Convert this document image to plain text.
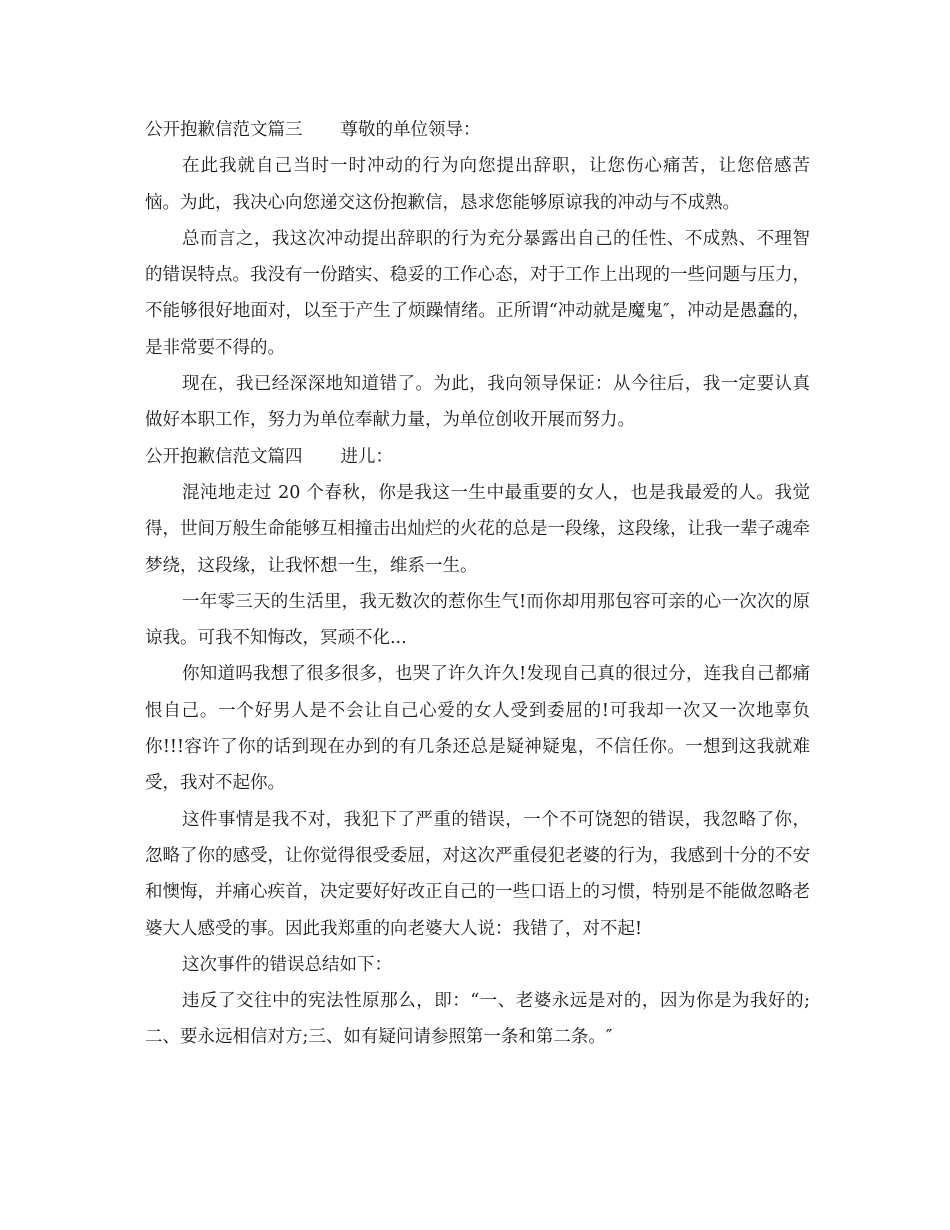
公开抱歉信范文篇三 尊敬的单位领导：

在此我就自己当时一时冲动的行为向您提出辞职，让您伤心痛苦，让您倍感苦恼。为此，我决心向您递交这份抱歉信，恳求您能够原谅我的冲动与不成熟。

总而言之，我这次冲动提出辞职的行为充分暴露出自己的任性、不成熟、不理智的错误特点。我没有一份踏实、稳妥的工作心态，对于工作上出现的一些问题与压力，不能够很好地面对，以至于产生了烦躁情绪。正所谓“冲动就是魔鬼″，冲动是愚蠢的，是非常要不得的。

现在，我已经深深地知道错了。为此，我向领导保证：从今往后，我一定要认真做好本职工作，努力为单位奉献力量，为单位创收开展而努力。

公开抱歉信范文篇四 进儿：

混沌地走过 20 个春秋，你是我这一生中最重要的女人，也是我最爱的人。我觉得，世间万般生命能够互相撞击出灿烂的火花的总是一段缘，这段缘，让我一辈子魂牵梦绕，这段缘，让我怀想一生，维系一生。

一年零三天的生活里，我无数次的惹你生气!而你却用那包容可亲的心一次次的原谅我。可我不知悔改，冥顽不化...

你知道吗我想了很多很多，也哭了许久许久!发现自己真的很过分，连我自己都痛恨自己。一个好男人是不会让自己心爱的女人受到委屈的!可我却一次又一次地辜负你!!!容许了你的话到现在办到的有几条还总是疑神疑鬼，不信任你。一想到这我就难受，我对不起你。

这件事情是我不对，我犯下了严重的错误，一个不可饶恕的错误，我忽略了你，忽略了你的感受，让你觉得很受委屈，对这次严重侵犯老婆的行为，我感到十分的不安和懊悔，并痛心疾首，决定要好好改正自己的一些口语上的习惯，特别是不能做忽略老婆大人感受的事。因此我郑重的向老婆大人说：我错了，对不起!

这次事件的错误总结如下：

违反了交往中的宪法性原那么，即：“一、老婆永远是对的，因为你是为我好的;二、要永远相信对方;三、如有疑问请参照第一条和第二条。″
